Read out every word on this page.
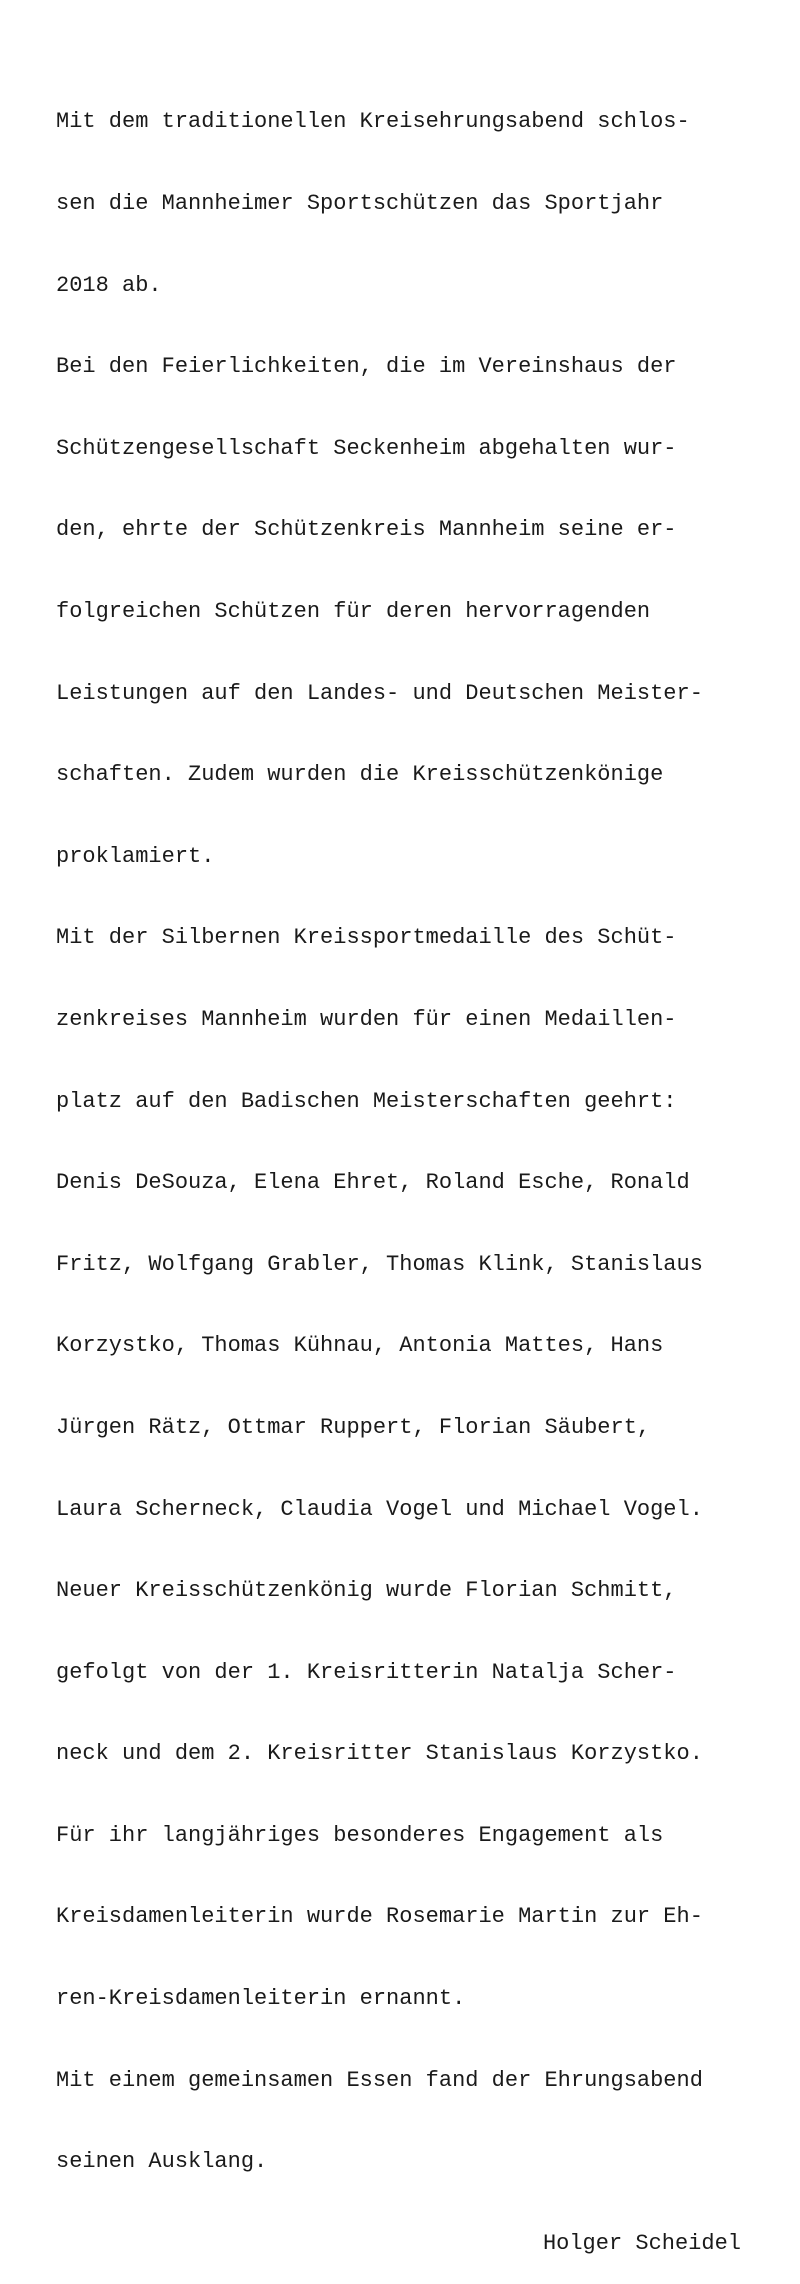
Mit dem traditionellen Kreisehrungsabend schlos-

sen die Mannheimer Sportschützen das Sportjahr

2018 ab.

Bei den Feierlichkeiten, die im Vereinshaus der

Schützengesellschaft Seckenheim abgehalten wur-

den, ehrte der Schützenkreis Mannheim seine er-

folgreichen Schützen für deren hervorragenden

Leistungen auf den Landes- und Deutschen Meister-

schaften. Zudem wurden die Kreisschützenkönige

proklamiert.

Mit der Silbernen Kreissportmedaille des Schüt-

zenkreises Mannheim wurden für einen Medaillen-

platz auf den Badischen Meisterschaften geehrt:

Denis DeSouza, Elena Ehret, Roland Esche, Ronald

Fritz, Wolfgang Grabler, Thomas Klink, Stanislaus

Korzystko, Thomas Kühnau, Antonia Mattes, Hans

Jürgen Rätz, Ottmar Ruppert, Florian Säubert,

Laura Scherneck, Claudia Vogel und Michael Vogel.

Neuer Kreisschützenkönig wurde Florian Schmitt,

gefolgt von der 1. Kreisritterin Natalja Scher-

neck und dem 2. Kreisritter Stanislaus Korzystko.

Für ihr langjähriges besonderes Engagement als

Kreisdamenleiterin wurde Rosemarie Martin zur Eh-

ren-Kreisdamenleiterin ernannt.

Mit einem gemeinsamen Essen fand der Ehrungsabend

seinen Ausklang.

Holger Scheidel
